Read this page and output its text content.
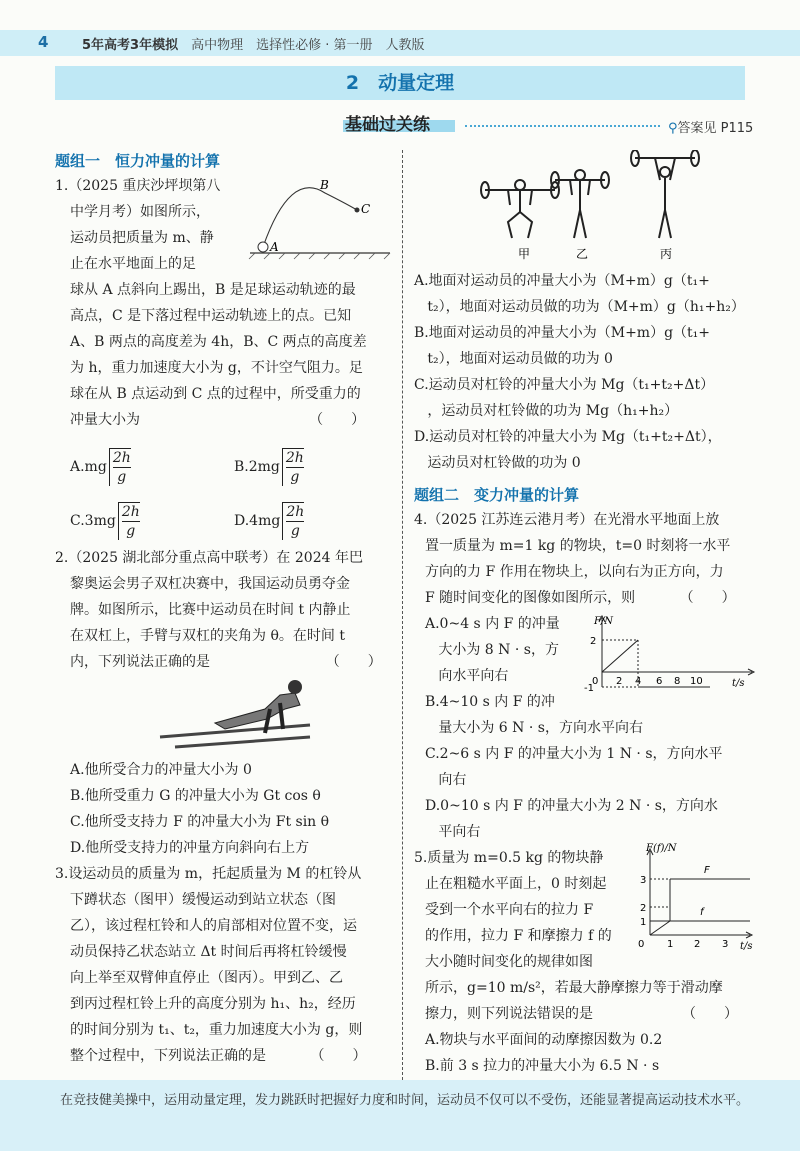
4	5年高考3年模拟　 高中物理　选择性必修 · 第一册　人教版
2　动量定理
基础过关练	⚲答案见 P115
题组一　恒力冲量的计算
1.（2025 重庆沙坪坝第八
中学月考）如图所示，
运动员把质量为 m、静
止在水平地面上的足
球从 A 点斜向上踢出，B 是足球运动轨迹的最
高点，C 是下落过程中运动轨迹上的点。已知
A、B 两点的高度差为 4h，B、C 两点的高度差
为 h，重力加速度大小为 g，不计空气阻力。足
球在从 B 点运动到 C 点的过程中，所受重力的
冲量大小为                                      （　　）
A
B
C
$A.mg \frac{2h}{g}$	$B.2mg \frac{2h}{g}$
$C.3mg \frac{2h}{g}$	$D.4mg \frac{2h}{g}$
2.（2025 湖北部分重点高中联考）在 2024 年巴
黎奥运会男子双杠决赛中，我国运动员勇夺金
牌。如图所示，比赛中运动员在时间 t 内静止
在双杠上，手臂与双杠的夹角为 θ。在时间 t
内，下列说法正确的是                          （　　）
A.他所受合力的冲量大小为 0
B.他所受重力 G 的冲量大小为 Gt cos θ
C.他所受支持力 F 的冲量大小为 Ft sin θ
D.他所受支持力的冲量方向斜向右上方
3.设运动员的质量为 m，托起质量为 M 的杠铃从
下蹲状态（图甲）缓慢运动到站立状态（图
乙），该过程杠铃和人的肩部相对位置不变，运
动员保持乙状态站立 Δt 时间后再将杠铃缓慢
向上举至双臂伸直停止（图丙）。甲到乙、乙
到丙过程杠铃上升的高度分别为 h₁、h₂，经历
的时间分别为 t₁、t₂，重力加速度大小为 g，则
整个过程中，下列说法正确的是          （　　）
甲	乙	丙
A.地面对运动员的冲量大小为（M+m）g（t₁+
t₂），地面对运动员做的功为（M+m）g（h₁+h₂）
B.地面对运动员的冲量大小为（M+m）g（t₁+
t₂），地面对运动员做的功为 0
C.运动员对杠铃的冲量大小为 Mg（t₁+t₂+Δt）
，运动员对杠铃做的功为 Mg（h₁+h₂）
D.运动员对杠铃的冲量大小为 Mg（t₁+t₂+Δt），
运动员对杠铃做的功为 0
题组二　变力冲量的计算
4.（2025 江苏连云港月考）在光滑水平地面上放
置一质量为 m=1 kg 的物块，t=0 时刻将一水平
方向的力 F 作用在物块上，以向右为正方向，力
F 随时间变化的图像如图所示，则          （　　）
A.0~4 s 内 F 的冲量
大小为 8 N · s，方
向水平向右
B.4~10 s 内 F 的冲
量大小为 6 N · s，方向水平向右
C.2~6 s 内 F 的冲量大小为 1 N · s，方向水平
向右
D.0~10 s 内 F 的冲量大小为 2 N · s，方向水
平向右
F/N
t/s
0 2 4 6 8 10
2
-1
5.质量为 m=0.5 kg 的物块静
止在粗糙水平面上，0 时刻起
受到一个水平向右的拉力 F
的作用，拉力 F 和摩擦力 f 的
大小随时间变化的规律如图
所示，g=10 m/s²，若最大静摩擦力等于滑动摩
擦力，则下列说法错误的是                    （　　）
F(f)/N
t/s
0 1 2 3
1
2
3
F
f
A.物块与水平面间的动摩擦因数为 0.2
B.前 3 s 拉力的冲量大小为 6.5 N · s
在竞技健美操中，运用动量定理，发力跳跃时把握好力度和时间，运动员不仅可以不受伤，还能显著提高运动技术水平。
